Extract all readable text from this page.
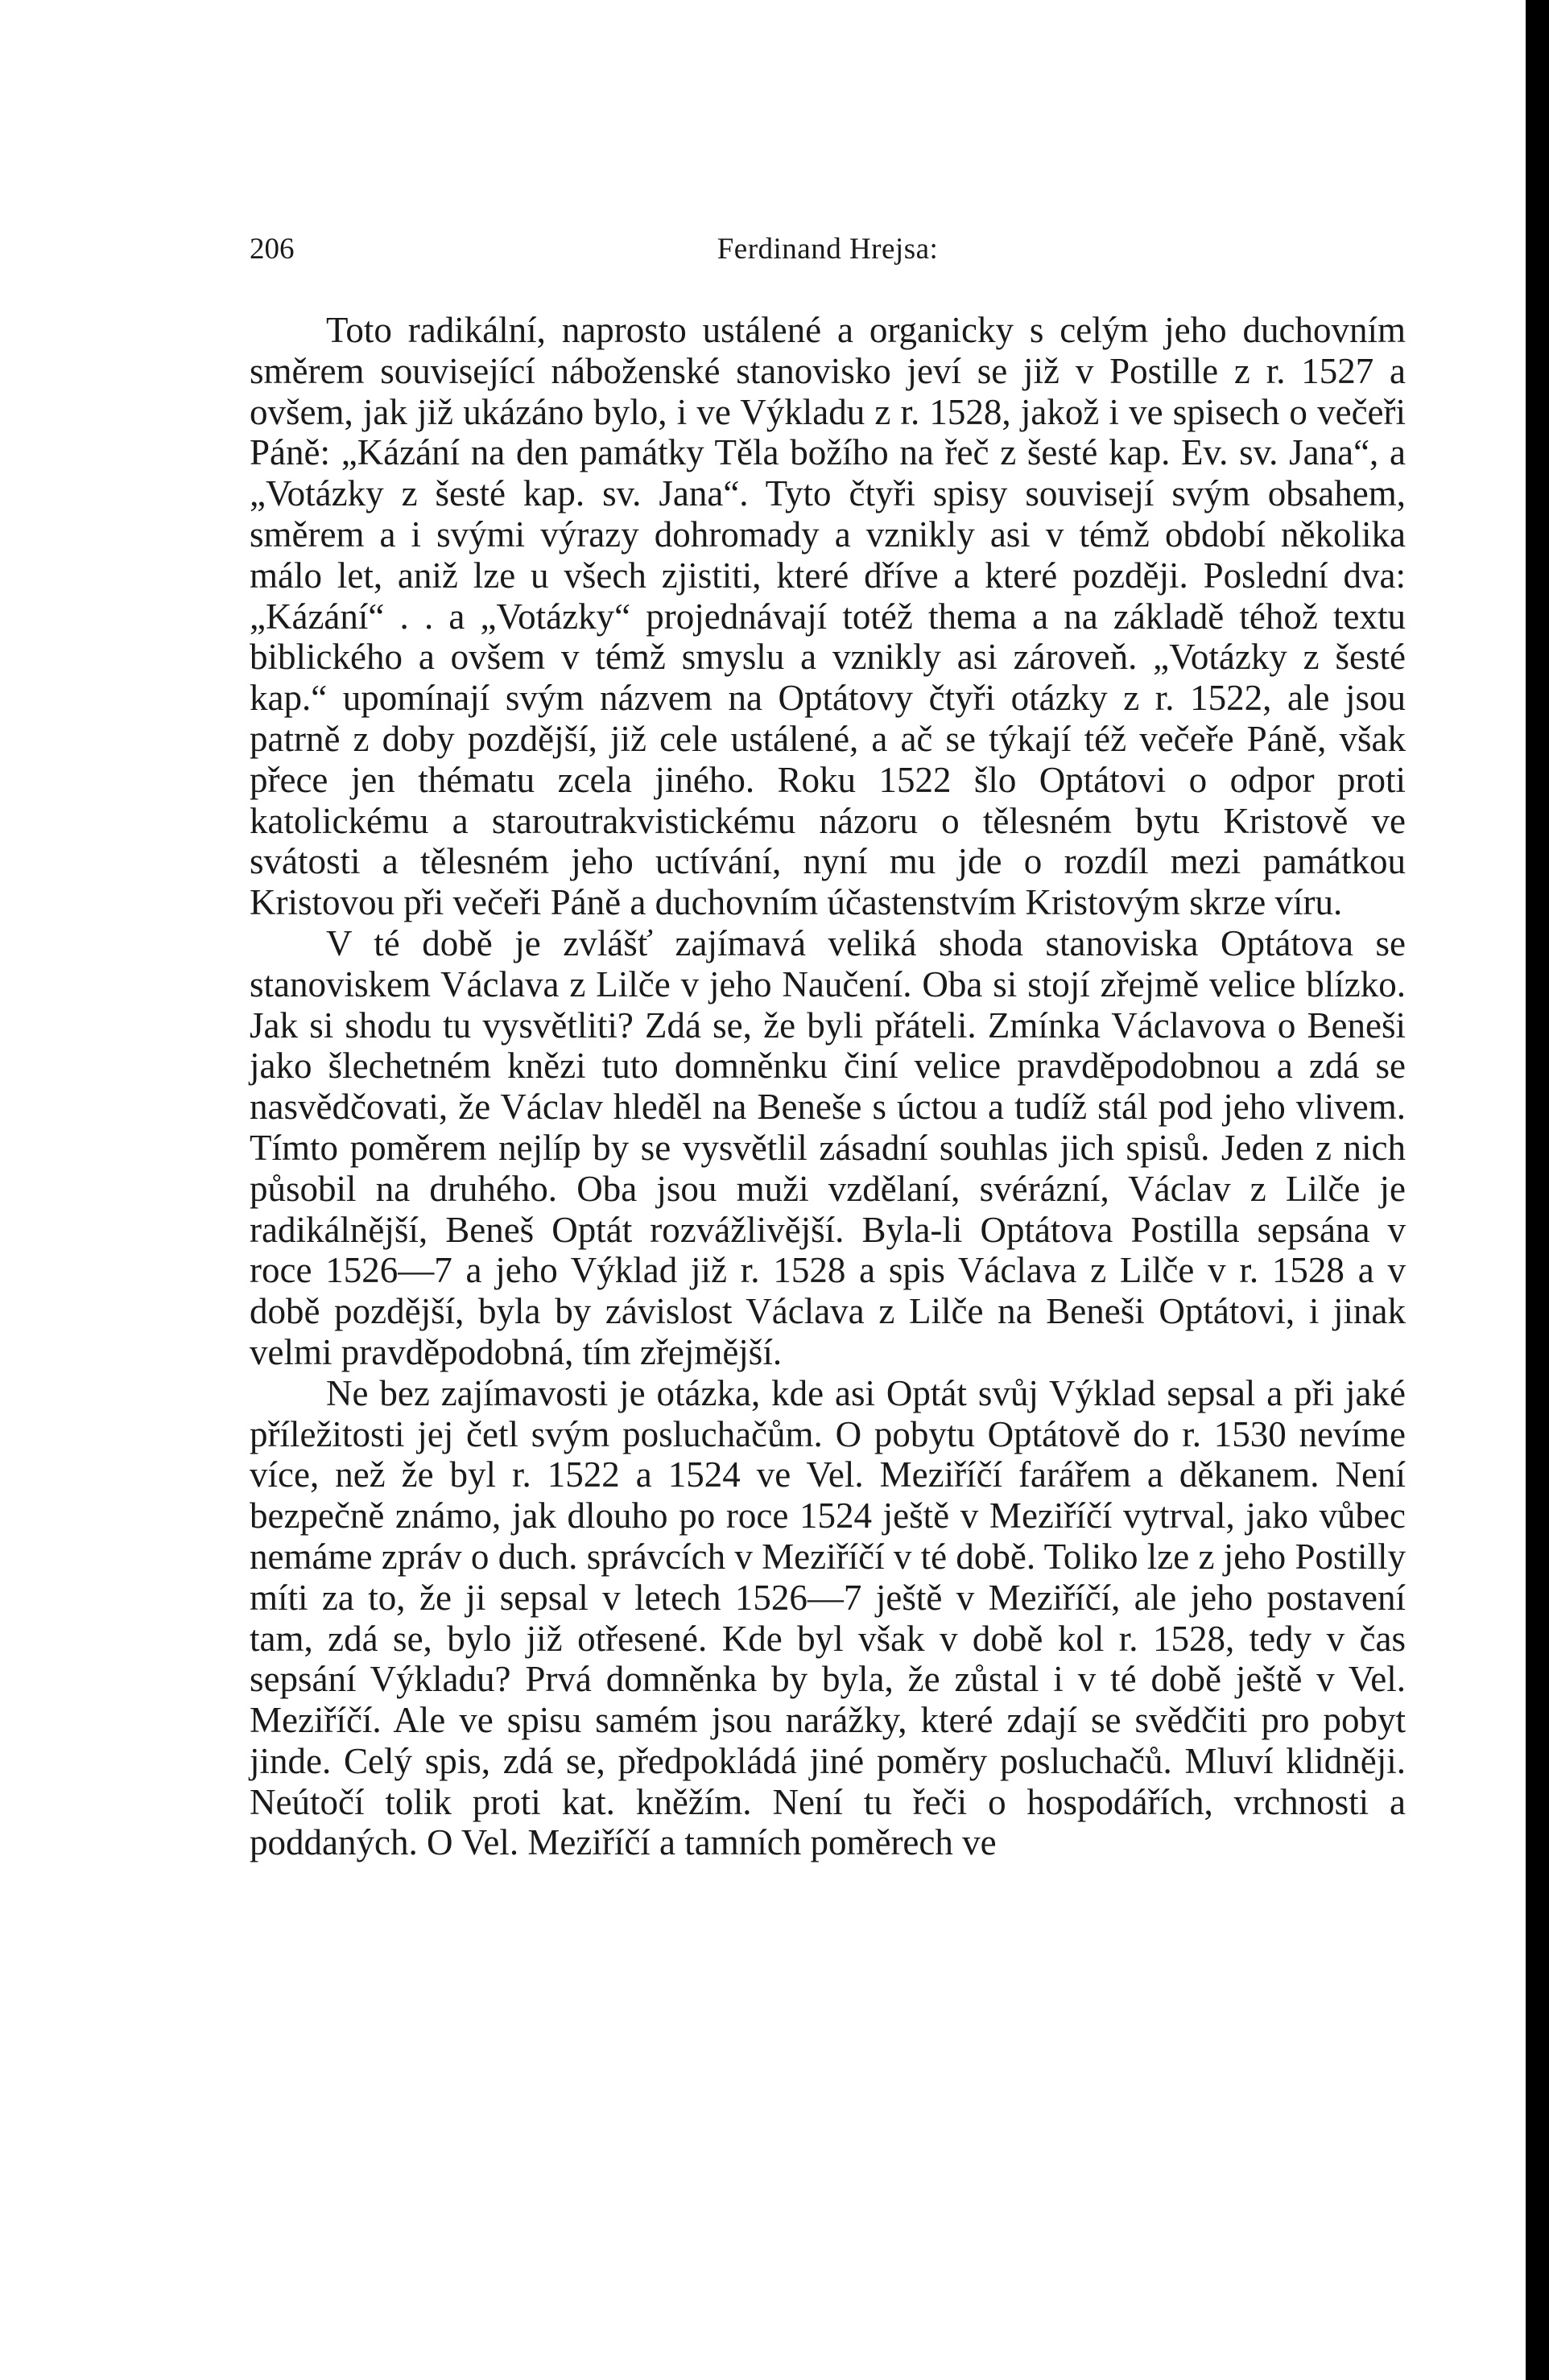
206	Ferdinand Hrejsa:

Toto radikální, naprosto ustálené a organicky s celým jeho duchovním směrem související náboženské stanovisko jeví se již v Postille z r. 1527 a ovšem, jak již ukázáno bylo, i ve Výkladu z r. 1528, jakož i ve spisech o večeři Páně: „Kázání na den památky Těla božího na řeč z šesté kap. Ev. sv. Jana“, a „Votázky z šesté kap. sv. Jana“. Tyto čtyři spisy souvisejí svým obsahem, směrem a i svými výrazy dohromady a vznikly asi v témž období několika málo let, aniž lze u všech zjistiti, které dříve a které později. Poslední dva: „Kázání“ . . a „Votázky“ projednávají totéž thema a na základě téhož textu biblického a ovšem v témž smyslu a vznikly asi zároveň. „Votázky z šesté kap.“ upomínají svým názvem na Optátovy čtyři otázky z r. 1522, ale jsou patrně z doby pozdější, již cele ustálené, a ač se týkají též večeře Páně, však přece jen thématu zcela jiného. Roku 1522 šlo Optátovi o odpor proti katolickému a staroutrakvistickému názoru o tělesném bytu Kristově ve svátosti a tělesném jeho uctívání, nyní mu jde o rozdíl mezi památkou Kristovou při večeři Páně a duchovním účastenstvím Kristovým skrze víru.

V té době je zvlášť zajímavá veliká shoda stanoviska Optátova se stanoviskem Václava z Lilče v jeho Naučení. Oba si stojí zřejmě velice blízko. Jak si shodu tu vysvětliti? Zdá se, že byli přáteli. Zmínka Václavova o Beneši jako šlechetném knězi tuto domněnku činí velice pravděpodobnou a zdá se nasvědčovati, že Václav hleděl na Beneše s úctou a tudíž stál pod jeho vlivem. Tímto poměrem nejlíp by se vysvětlil zásadní souhlas jich spisů. Jeden z nich působil na druhého. Oba jsou muži vzdělaní, svérázní, Václav z Lilče je radikálnější, Beneš Optát rozvážlivější. Byla-li Optátova Postilla sepsána v roce 1526—7 a jeho Výklad již r. 1528 a spis Václava z Lilče v r. 1528 a v době pozdější, byla by závislost Václava z Lilče na Beneši Optátovi, i jinak velmi pravděpodobná, tím zřejmější.

Ne bez zajímavosti je otázka, kde asi Optát svůj Výklad sepsal a při jaké příležitosti jej četl svým posluchačům. O pobytu Optátově do r. 1530 nevíme více, než že byl r. 1522 a 1524 ve Vel. Meziříčí farářem a děkanem. Není bezpečně známo, jak dlouho po roce 1524 ještě v Meziříčí vytrval, jako vůbec nemáme zpráv o duch. správcích v Meziříčí v té době. Toliko lze z jeho Postilly míti za to, že ji sepsal v letech 1526—7 ještě v Meziříčí, ale jeho postavení tam, zdá se, bylo již otřesené. Kde byl však v době kol r. 1528, tedy v čas sepsání Výkladu? Prvá domněnka by byla, že zůstal i v té době ještě v Vel. Meziříčí. Ale ve spisu samém jsou narážky, které zdají se svědčiti pro pobyt jinde. Celý spis, zdá se, předpokládá jiné poměry posluchačů. Mluví klidněji. Neútočí tolik proti kat. kněžím. Není tu řeči o hospodářích, vrchnosti a poddaných. O Vel. Meziříčí a tamních poměrech ve
